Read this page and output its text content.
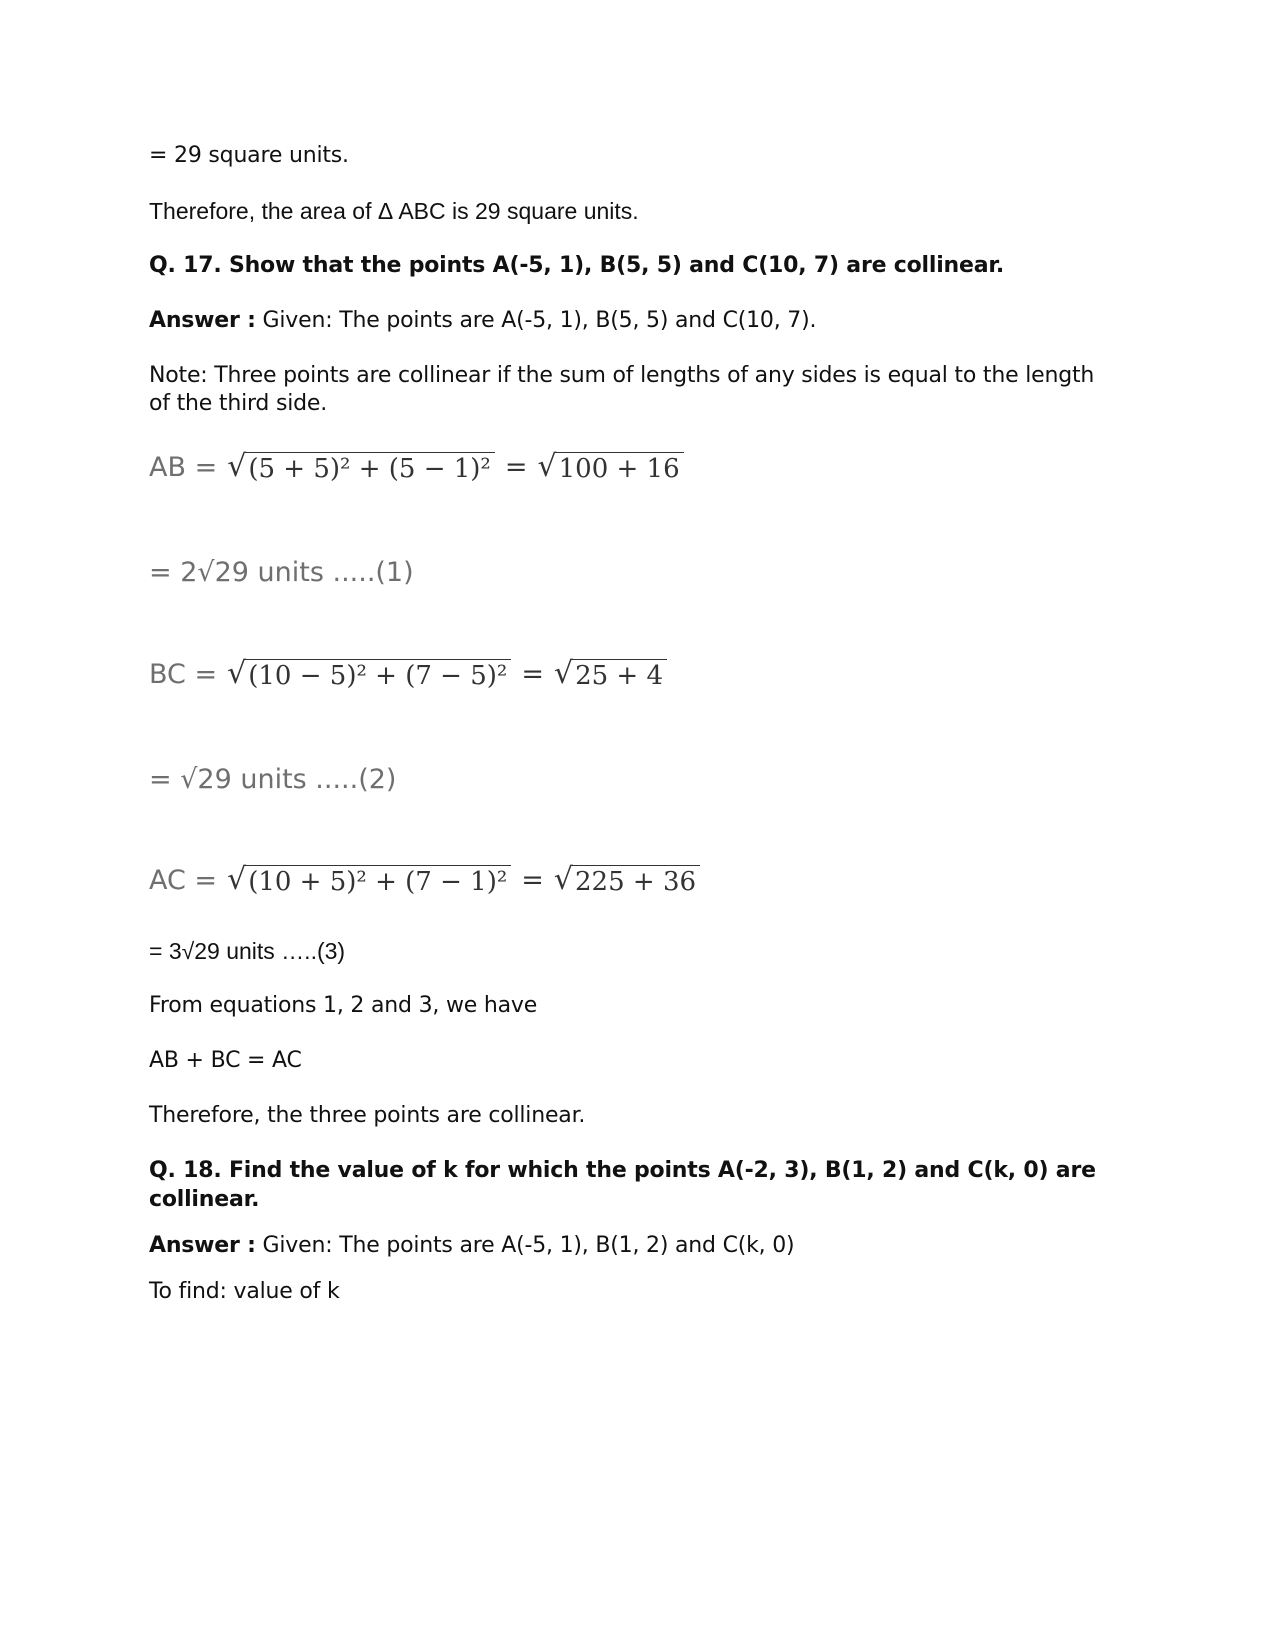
= 29 square units.
Therefore, the area of Δ ABC is 29 square units.
Q. 17. Show that the points A(-5, 1), B(5, 5) and C(10, 7) are collinear.
Answer : Given: The points are A(-5, 1), B(5, 5) and C(10, 7).
Note: Three points are collinear if the sum of lengths of any sides is equal to the length
of the third side.
AB = √ (5 + 5)² + (5 − 1)² = √ 100 + 16
= 2√29 units .....(1)
BC = √ (10 − 5)² + (7 − 5)² = √ 25 + 4
= √29 units .....(2)
AC = √ (10 + 5)² + (7 − 1)² = √ 225 + 36
= 3√29 units …..(3)
From equations 1, 2 and 3, we have
AB + BC = AC
Therefore, the three points are collinear.
Q. 18. Find the value of k for which the points A(-2, 3), B(1, 2) and C(k, 0) are
collinear.
Answer : Given: The points are A(-5, 1), B(1, 2) and C(k, 0)
To find: value of k
